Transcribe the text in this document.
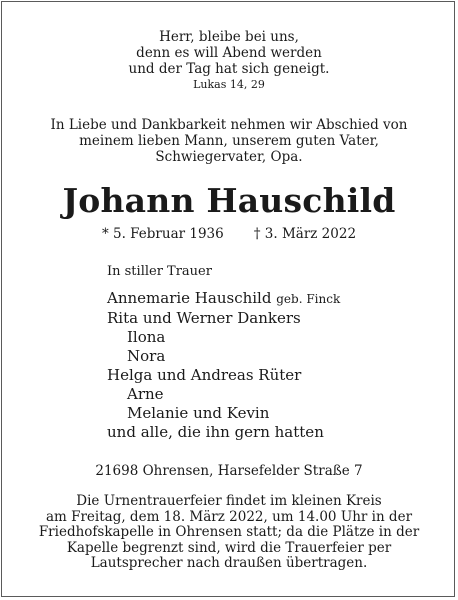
Herr, bleibe bei uns,
denn es will Abend werden
und der Tag hat sich geneigt.
Lukas 14, 29
In Liebe und Dankbarkeit nehmen wir Abschied von
meinem lieben Mann, unserem guten Vater,
Schwiegervater, Opa.
Johann Hauschild
* 5. Februar 1936 † 3. März 2022
In stiller Trauer
Annemarie Hauschild geb. Finck
Rita und Werner Dankers
Ilona
Nora
Helga und Andreas Rüter
Arne
Melanie und Kevin
und alle, die ihn gern hatten
21698 Ohrensen, Harsefelder Straße 7
Die Urnentrauerfeier findet im kleinen Kreis
am Freitag, dem 18. März 2022, um 14.00 Uhr in der
Friedhofskapelle in Ohrensen statt; da die Plätze in der
Kapelle begrenzt sind, wird die Trauerfeier per
Lautsprecher nach draußen übertragen.
